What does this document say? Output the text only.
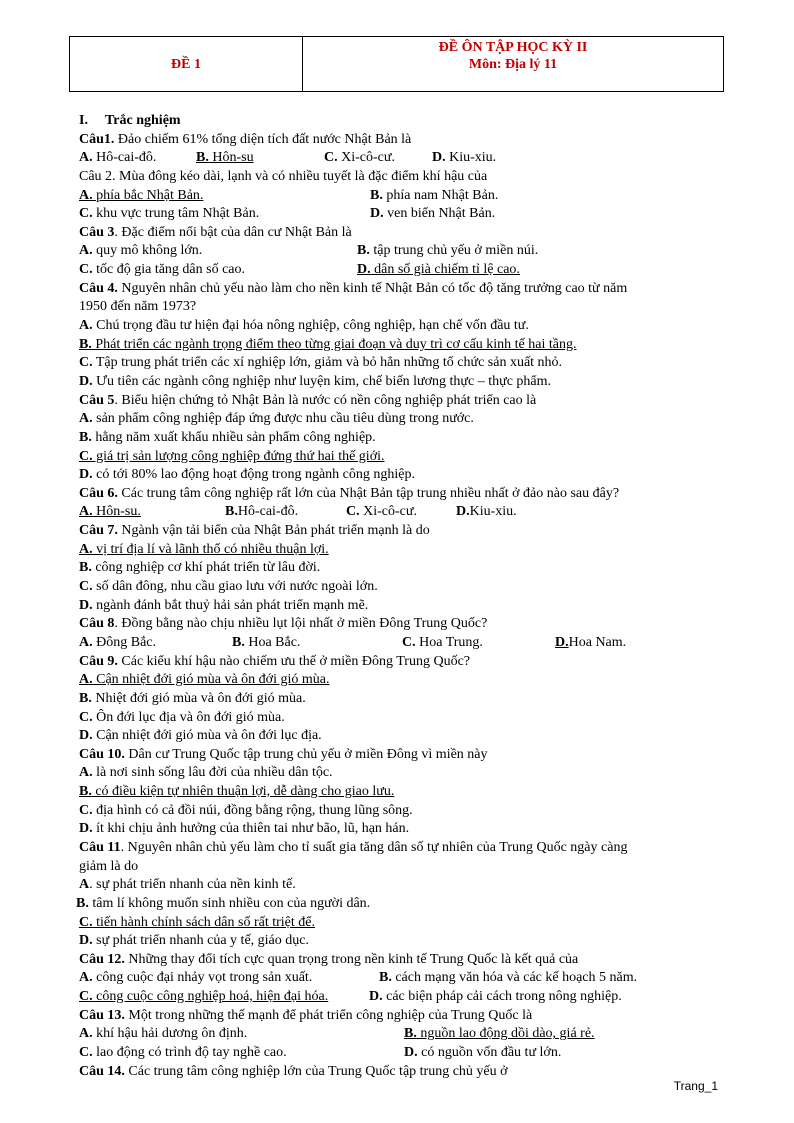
ĐỀ 1
ĐỀ ÔN TẬP HỌC KỲ II
Môn: Địa lý 11
I. Trắc nghiệm
Câu1. Đảo chiếm 61% tổng diện tích đất nước Nhật Bản là
A. Hô-cai-đô.	B. Hôn-su	C. Xi-cô-cư.	D. Kiu-xiu.
Câu 2. Mùa đông kéo dài, lạnh và có nhiều tuyết là đặc điểm khí hậu của
A. phía bắc Nhật Bản.	B. phía nam Nhật Bản.
C. khu vực trung tâm Nhật Bản.	D. ven biển Nhật Bản.
Câu 3. Đặc điểm nổi bật của dân cư Nhật Bản là
A. quy mô không lớn.	B. tập trung chủ yếu ở miền núi.
C. tốc độ gia tăng dân số cao.	D. dân số già chiếm tỉ lệ cao.
Câu 4. Nguyên nhân chủ yếu nào làm cho nền kinh tế Nhật Bản có tốc độ tăng trưởng cao từ năm
1950 đến năm 1973?
A. Chú trọng đầu tư hiện đại hóa nông nghiệp, công nghiệp, hạn chế vốn đầu tư.
B. Phát triển các ngành trọng điểm theo từng giai đoạn và duy trì cơ cấu kinh tế hai tầng.
C. Tập trung phát triển các xí nghiệp lớn, giảm và bỏ hẳn những tổ chức sản xuất nhỏ.
D. Ưu tiên các ngành công nghiệp như luyện kim, chế biến lương thực – thực phẩm.
Câu 5. Biểu hiện chứng tỏ Nhật Bản là nước có nền công nghiệp phát triển cao là
A. sản phẩm công nghiệp đáp ứng được nhu cầu tiêu dùng trong nước.
B. hằng năm xuất khẩu nhiều sản phẩm công nghiệp.
C. giá trị sản lượng công nghiệp đứng thứ hai thế giới.
D. có tới 80% lao động hoạt động trong ngành công nghiệp.
Câu 6. Các trung tâm công nghiệp rất lớn của Nhật Bản tập trung nhiều nhất ở đảo nào sau đây?
A. Hôn-su.	B.Hô-cai-đô.	C. Xi-cô-cư.	D.Kiu-xiu.
Câu 7. Ngành vận tải biển của Nhật Bản phát triển mạnh là do
A. vị trí địa lí và lãnh thổ có nhiều thuận lợi.
B. công nghiệp cơ khí phát triển từ lâu đời.
C. số dân đông, nhu cầu giao lưu với nước ngoài lớn.
D. ngành đánh bắt thuỷ hải sản phát triển mạnh mẽ.
Câu 8. Đồng bằng nào chịu nhiều lụt lội nhất ở miền Đông Trung Quốc?
A. Đông Bắc.	B. Hoa Bắc.	C. Hoa Trung.	D.Hoa Nam.
Câu 9. Các kiểu khí hậu nào chiếm ưu thế ở miền Đông Trung Quốc?
A. Cận nhiệt đới gió mùa và ôn đới gió mùa.
B. Nhiệt đới gió mùa và ôn đới gió mùa.
C. Ôn đới lục địa và ôn đới gió mùa.
D. Cận nhiệt đới gió mùa và ôn đới lục địa.
Câu 10. Dân cư Trung Quốc tập trung chủ yếu ở miền Đông vì miền này
A. là nơi sinh sống lâu đời của nhiều dân tộc.
B. có điều kiện tự nhiên thuận lợi, dễ dàng cho giao lưu.
C. địa hình có cả đồi núi, đồng bằng rộng, thung lũng sông.
D. ít khi chịu ảnh hưởng của thiên tai như bão, lũ, hạn hán.
Câu 11. Nguyên nhân chủ yếu làm cho tỉ suất gia tăng dân số tự nhiên của Trung Quốc ngày càng
giảm là do
A. sự phát triển nhanh của nền kinh tế.
B. tâm lí không muốn sinh nhiều con của người dân.
C. tiến hành chính sách dân số rất triệt để.
D. sự phát triển nhanh của y tế, giáo dục.
Câu 12. Những thay đổi tích cực quan trọng trong nền kinh tế Trung Quốc là kết quả của
A. công cuộc đại nhảy vọt trong sản xuất.	B. cách mạng văn hóa và các kế hoạch 5 năm.
C. công cuộc công nghiệp hoá, hiện đại hóa.	D. các biện pháp cải cách trong nông nghiệp.
Câu 13. Một trong những thế mạnh để phát triển công nghiệp của Trung Quốc là
A. khí hậu hải dương ôn định.	B. nguồn lao động dồi dào, giá rẻ.
C. lao động có trình độ tay nghề cao.	D. có nguồn vốn đầu tư lớn.
Câu 14. Các trung tâm công nghiệp lớn của Trung Quốc tập trung chủ yếu ở
Trang_1
